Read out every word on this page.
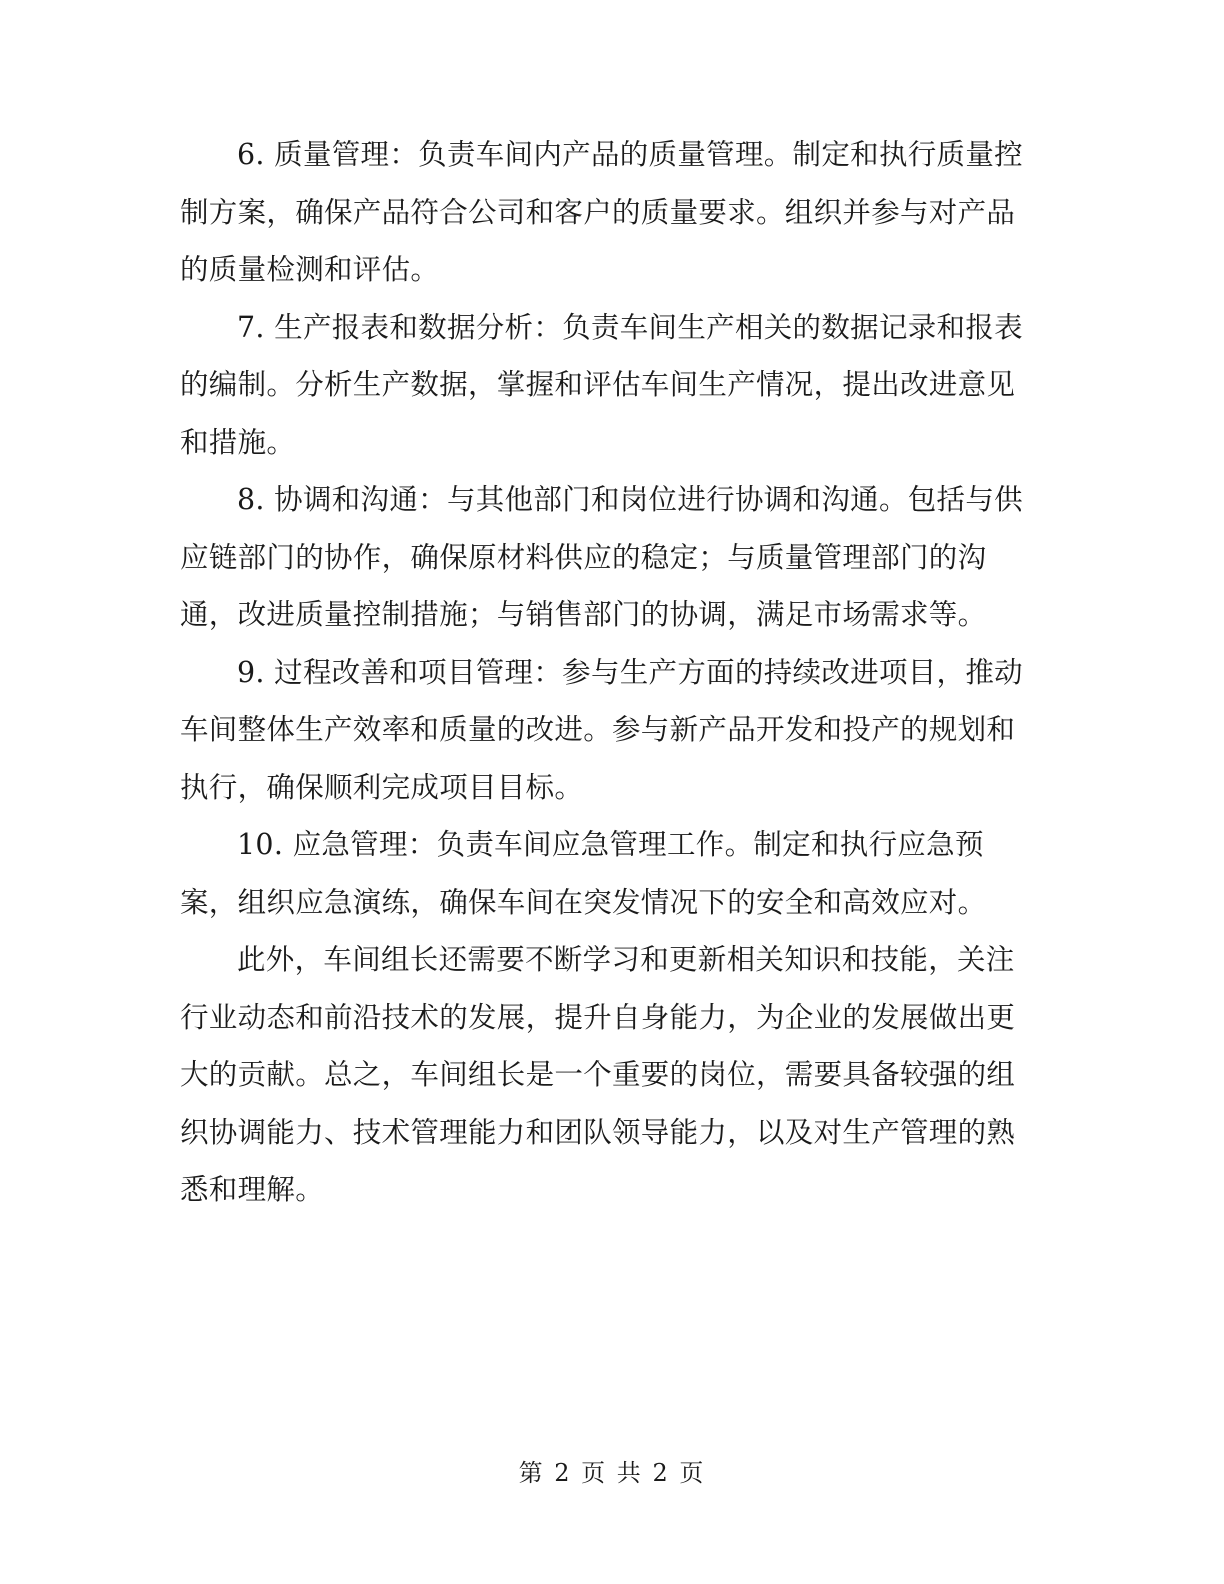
6. 质量管理：负责车间内产品的质量管理。制定和执行质量控制方案，确保产品符合公司和客户的质量要求。组织并参与对产品的质量检测和评估。

7. 生产报表和数据分析：负责车间生产相关的数据记录和报表的编制。分析生产数据，掌握和评估车间生产情况，提出改进意见和措施。

8. 协调和沟通：与其他部门和岗位进行协调和沟通。包括与供应链部门的协作，确保原材料供应的稳定；与质量管理部门的沟通，改进质量控制措施；与销售部门的协调，满足市场需求等。

9. 过程改善和项目管理：参与生产方面的持续改进项目，推动车间整体生产效率和质量的改进。参与新产品开发和投产的规划和执行，确保顺利完成项目目标。

10. 应急管理：负责车间应急管理工作。制定和执行应急预案，组织应急演练，确保车间在突发情况下的安全和高效应对。

此外，车间组长还需要不断学习和更新相关知识和技能，关注行业动态和前沿技术的发展，提升自身能力，为企业的发展做出更大的贡献。总之，车间组长是一个重要的岗位，需要具备较强的组织协调能力、技术管理能力和团队领导能力，以及对生产管理的熟悉和理解。

第 2 页 共 2 页
